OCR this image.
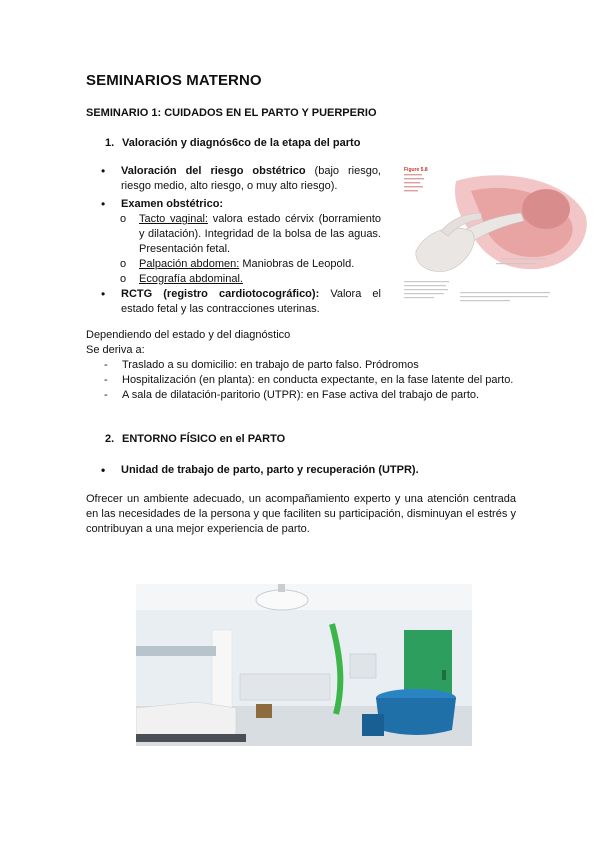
SEMINARIOS MATERNO
SEMINARIO 1: CUIDADOS EN EL PARTO Y PUERPERIO
1. Valoración y diagnós6co de la etapa del parto
• Valoración del riesgo obstétrico (bajo riesgo, riesgo medio, alto riesgo, o muy alto riesgo).
• Examen obstétrico:
o Tacto vaginal: valora estado cérvix (borramiento y dilatación). Integridad de la bolsa de las aguas. Presentación fetal.
o Palpación abdomen: Maniobras de Leopold.
o Ecografía abdominal.
• RCTG (registro cardiotocográfico): Valora el estado fetal y las contracciones uterinas.
Figure 5.8
Dependiendo del estado y del diagnóstico
Se deriva a:
- Traslado a su domicilio: en trabajo de parto falso. Pródromos
- Hospitalización (en planta): en conducta expectante, en la fase latente del parto.
- A sala de dilatación-paritorio (UTPR): en Fase activa del trabajo de parto.
2. ENTORNO FÍSICO en el PARTO
• Unidad de trabajo de parto, parto y recuperación (UTPR).
Ofrecer un ambiente adecuado, un acompañamiento experto y una atención centrada en las necesidades de la persona y que faciliten su participación, disminuyan el estrés y contribuyan a una mejor experiencia de parto.
